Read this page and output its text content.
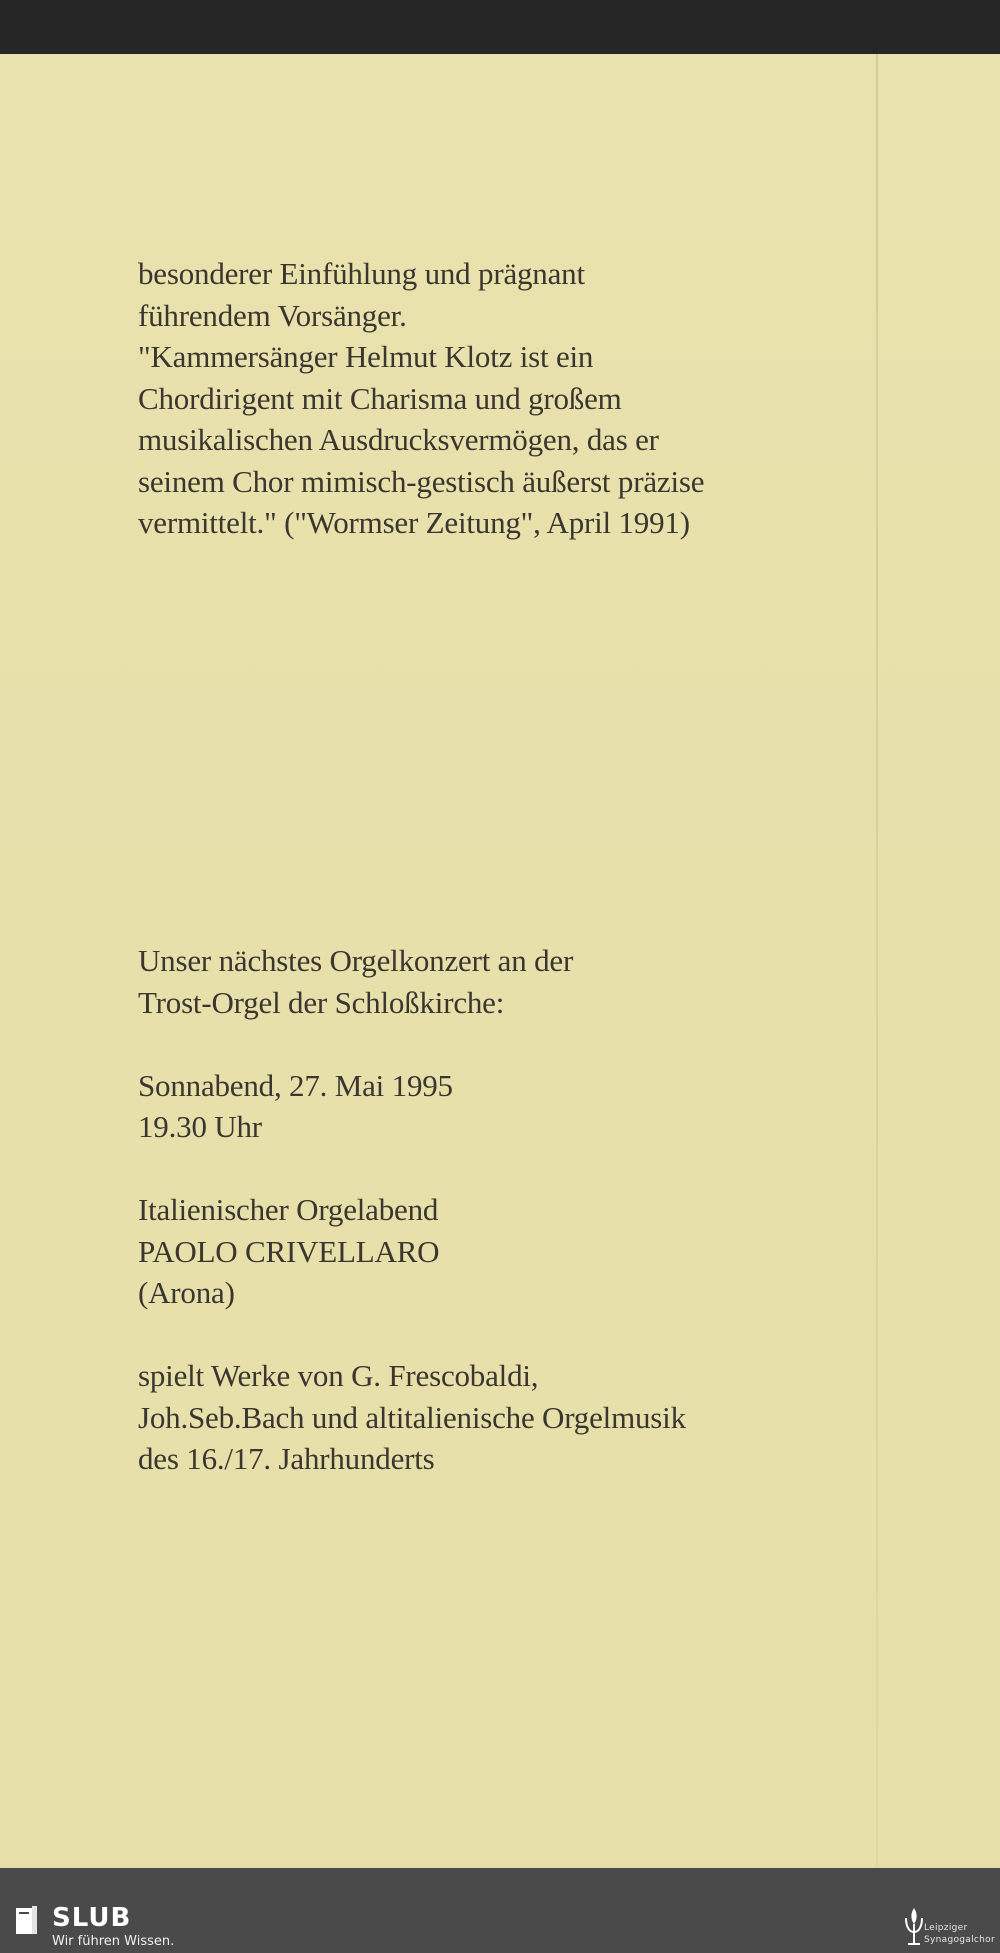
besonderer Einfühlung und prägnant
führendem Vorsänger.
"Kammersänger Helmut Klotz ist ein
Chordirigent mit Charisma und großem
musikalischen Ausdrucksvermögen, das er
seinem Chor mimisch-gestisch äußerst präzise
vermittelt." ("Wormser Zeitung", April 1991)
Unser nächstes Orgelkonzert an der
Trost-Orgel der Schloßkirche:
Sonnabend, 27. Mai 1995
19.30 Uhr
Italienischer Orgelabend
PAOLO CRIVELLARO
(Arona)
spielt Werke von G. Frescobaldi,
Joh.Seb.Bach und altitalienische Orgelmusik
des 16./17. Jahrhunderts
SLUB
Wir führen Wissen.
Leipziger
Synagogalchor
